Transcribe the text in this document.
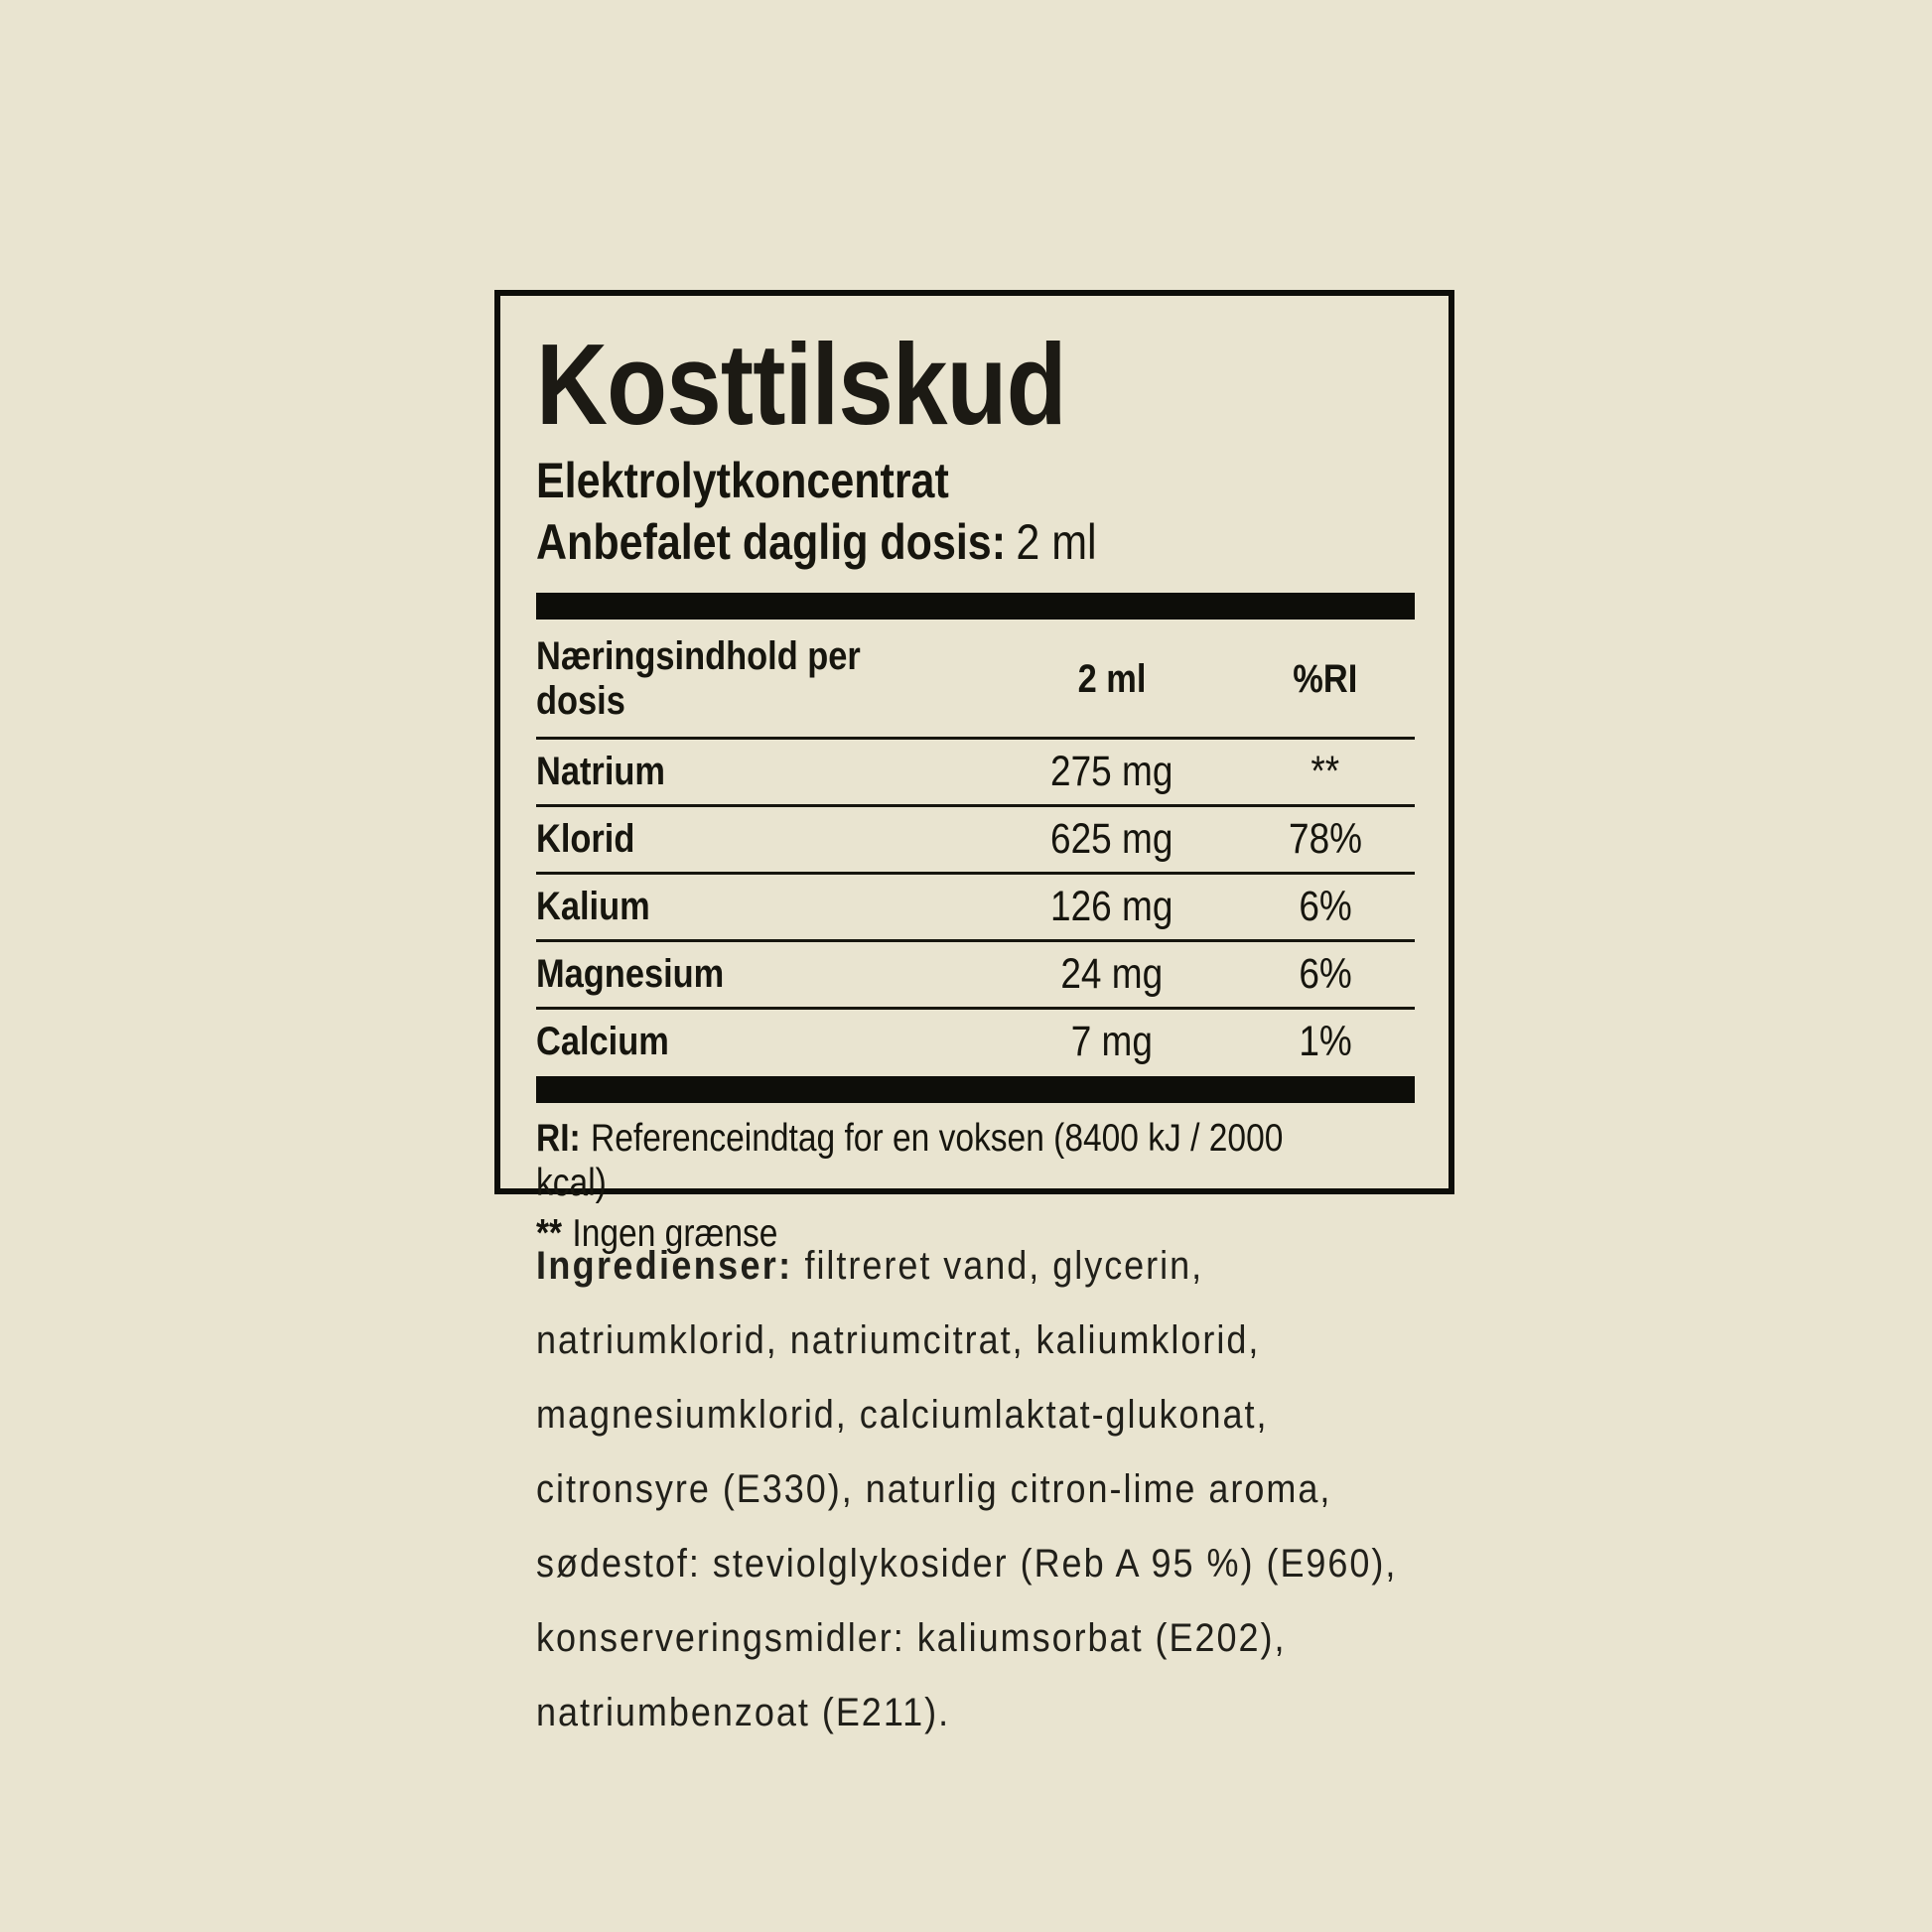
Kosttilskud
Elektrolytkoncentrat
Anbefalet daglig dosis: 2 ml
Næringsindhold per dosis
2 ml	%RI
Natrium	275 mg	**
Klorid	625 mg	78%
Kalium	126 mg	6%
Magnesium	24 mg	6%
Calcium	7 mg	1%
RI: Referenceindtag for en voksen (8400 kJ / 2000 kcal)
** Ingen grænse
Ingredienser: filtreret vand, glycerin,
natriumklorid, natriumcitrat, kaliumklorid,
magnesiumklorid, calciumlaktat-glukonat,
citronsyre (E330), naturlig citron-lime aroma,
sødestof: steviolglykosider (Reb A 95 %) (E960),
konserveringsmidler: kaliumsorbat (E202),
natriumbenzoat (E211).
